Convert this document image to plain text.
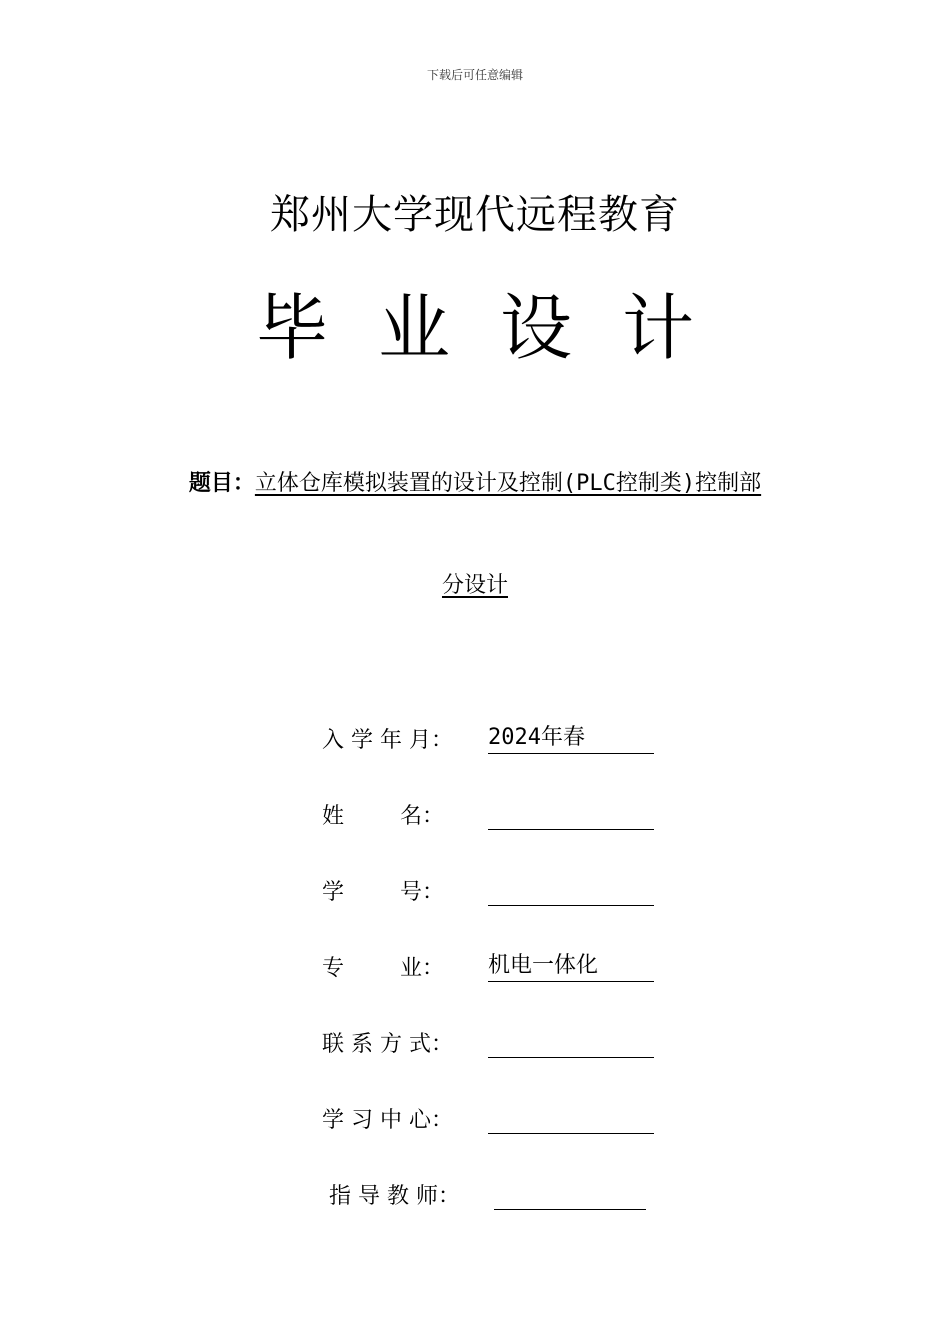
下载后可任意编辑
郑州大学现代远程教育
毕业设计
题目：立体仓库模拟装置的设计及控制(PLC控制类)控制部
分设计
入 学 年 月：	2024年春
姓        名：
学        号：
专        业：	机电一体化
联 系 方 式：
学 习 中 心：
指 导 教 师：
